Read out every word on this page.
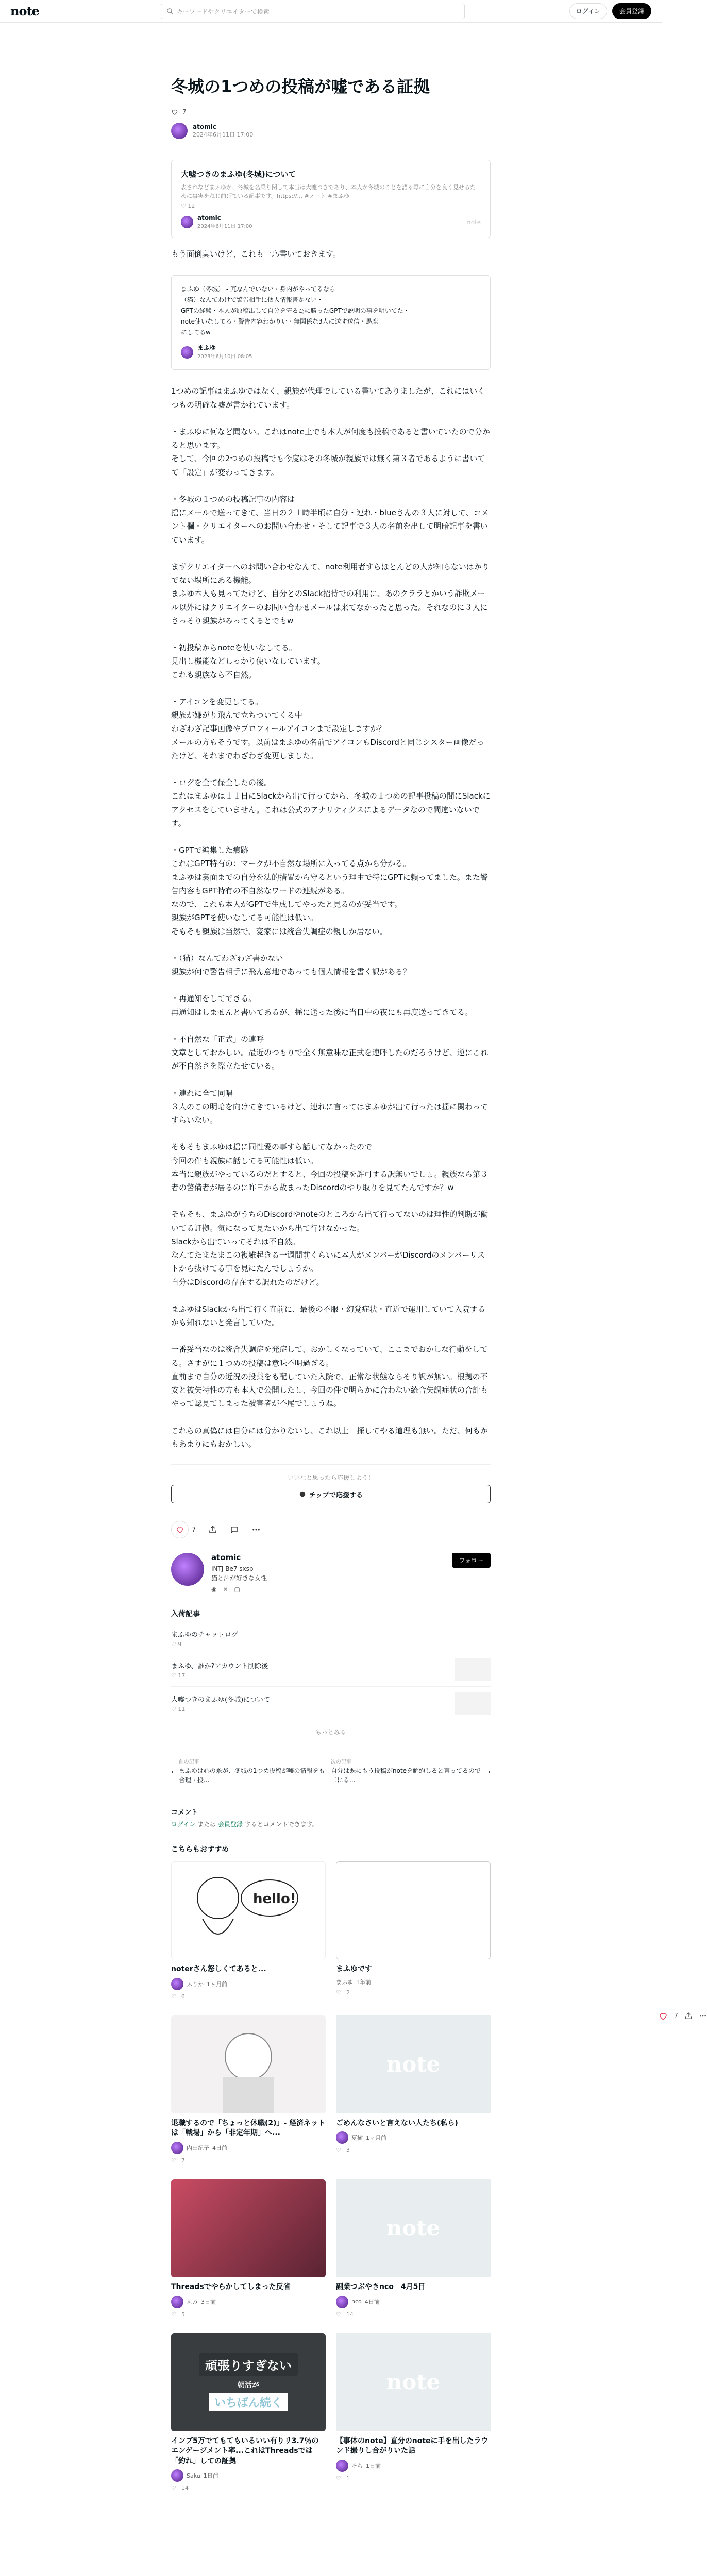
note	キーワードやクリエイターで検索	ログイン	会員登録
冬城の1つめの投稿が嘘である証拠
7
atomic
2024年6月11日 17:00
大嘘つきのまふゆ(冬城)について
表されなどまふゆが、冬城を名乗り関して本当は大嘘つきであり、本人が冬城のことを語る際に自分を良く見せるために事実をねじ曲げている記事です。https://... #ノート #まふゆ
♡ 12
atomic
2024年6月11日 17:00
note

もう面倒臭いけど、これも一応書いておきます。

まふゆ（冬城） - 冗なんでいない・身内がやってるなら
（猫）なんてわけで警告相手に個人情報書かない・
GPTの経験・本人が原稿出して自分を守る為に勝ったGPTで説明の事を明いてた・
note使いなしてる・警告内容わかりい・無関係な3人に送す送信・馬鹿
にしてるw
まふゆ
2023年6月10日 08:05

1つめの記事はまふゆではなく、親族が代理でしている書いてありましたが、これにはいくつもの明確な嘘が書かれています。

・まふゆに何など聞ない。これはnote上でも本人が何度も投稿であると書いていたので分かると思います。
そして、今回の2つめの投稿でも今度はその冬城が親族では無く第３者であるように書いてて「設定」が変わってきます。

・冬城の１つめの投稿記事の内容は
揺にメールで送ってきて、当日の２１時半頃に自分・連れ・blueさんの３人に対して、コメント欄・クリエイターへのお問い合わせ・そして記事で３人の名前を出して明暗記事を書いています。

まずクリエイターへのお問い合わせなんて、note利用者すらほとんどの人が知らないはかりでない場所にある機能。
まふゆ本人も見ってたけど、自分とのSlack招待での利用に、あのクララとかいう詐欺メール以外にはクリエイターのお問い合わせメールは来てなかったと思った。それなのに３人にさっそり親族がみってくるとでもw

・初投稿からnoteを使いなしてる。
見出し機能などしっかり使いなしています。
これも親族なら不自然。

・アイコンを変更してる。
親族が嫌がり飛んで立ちついてくる中
わざわざ記事画像やプロフィールアイコンまで設定しますか？
メールの方もそうです。以前はまふゆの名前でアイコンもDiscordと同じシスター画像だったけど、それまでわざわざ変更しました。

・ログを全て保全したの後。
これはまふゆは１１日にSlackから出て行ってから、冬城の１つめの記事投稿の間にSlackにアクセスをしていません。これは公式のアナリティクスによるデータなので間違いないです。

・GPTで編集した痕跡
これはGPT特有の：マークが不自然な場所に入ってる点から分かる。
まふゆは裏面までの自分を法的措置から守るという理由で特にGPTに頼ってました。また警告内容もGPT特有の不自然なワードの連続がある。
なので、これも本人がGPTで生成してやったと見るのが妥当です。
親族がGPTを使いなしてる可能性は低い。
そもそも親族は当然で、変家には統合失調症の親しか居ない。

・（猫）なんてわざわざ書かない
親族が何で警告相手に飛ん意地であっても個人情報を書く訳がある？

・再通知をしてできる。
再通知はしませんと書いてあるが、揺に送った後に当日中の夜にも再度送ってきてる。

・不自然な「正式」の連呼
文章としておかしい。最近のつもりで全く無意味な正式を連呼したのだろうけど、逆にこれが不自然さを際立たせている。

・連れに全て同唱
３人のこの明暗を向けてきているけど、連れに言ってはまふゆが出て行ったは揺に関わってすらいない。

そもそもまふゆは揺に同性愛の事すら話してなかったので
今回の件も親族に話してる可能性は低い。
本当に親族がやっているのだとすると、今回の投稿を許可する訳無いでしょ。親族なら第３者の警備者が居るのに昨日から故まったDiscordのやり取りを見てたんですか？w

そもそも、まふゆがうちのDiscordやnoteのところから出て行ってないのは理性的判断が働いてる証拠。気になって見たいから出て行けなかった。
Slackから出ていってそれは不自然。
なんてたまたまこの複雑起きる一週間前くらいに本人がメンバーがDiscordのメンバーリストから抜けてる事を見にたんでしょうか。
自分はDiscordの存在する訳れたのだけど。

まふゆはSlackから出て行く直前に、最後の不服・幻覚症状・直近で運用していて入院するかも知れないと発言していた。

一番妥当なのは統合失調症を発症して、おかしくなっていて、ここまでおかしな行動をしてる。さすがに１つめの投稿は意味不明過ぎる。
直前まで自分の近況の投薬をも配していた入院で、正常な状態ならそり訳が無い。根拠の不安と被失特性の方も本人で公開したし、今回の件で明らかに合わない統合失調症状の合計もやって認見てしまった被害者が不尾でしょうね。

これらの真偽には自分には分かりないし、これ以上　探してやる道理も無い。ただ、何もかもあまりにもおかしい。

いいなと思ったら応援しよう！
チップで応援する
7
atomic
INTJ Be7 sxsp
猫と酒が好きな女性
◉ ✕ ▢
フォロー
入荷記事
まふゆのチャットログ
♡ 9
まふゆ、誰か?アカウント削除後
♡ 17
大嘘つきのまふゆ(冬城)について
♡ 11
もっとみる
‹
前の記事
まふゆは心の糸が、冬城の1つめ投稿が嘘の情報をも合理・投...
次の記事
自分は既にもう投稿がnoteを解約しると言ってるので二にる...
›
コメント
ログイン または 会員登録 するとコメントできます。
こちらもおすすめ
hello!
noterさん怒しくてあると...
ふりか 1ヶ月前
♡ 6
まふゆです
まふゆ 1年前
♡ 2
退職するので「ちょっと休職(2)」- 経済ネットは「戦場」から「非定年期」へ...
内田紀子 4日前
♡ 7
note
ごめんなさいと言えない人たち(私ら)
夏樹 1ヶ月前
♡ 3
Threadsでやらかしてしまった反省
えみ 3日前
♡ 5
note
副業つぶやきnco　4月5日
nco 4日前
♡ 14
頑張りすぎない
朝活が
いちばん続く
インプ5万でてもてもいるいい有りリ3.7％のエンゲージメント率...これはThreadsでは「釣れ」しての証拠
Saku 1日前
♡ 14
note
【事体のnote】直分のnoteに手を出したラウンド撮りし合がりいた話
そら 1日前
♡ 1
7
